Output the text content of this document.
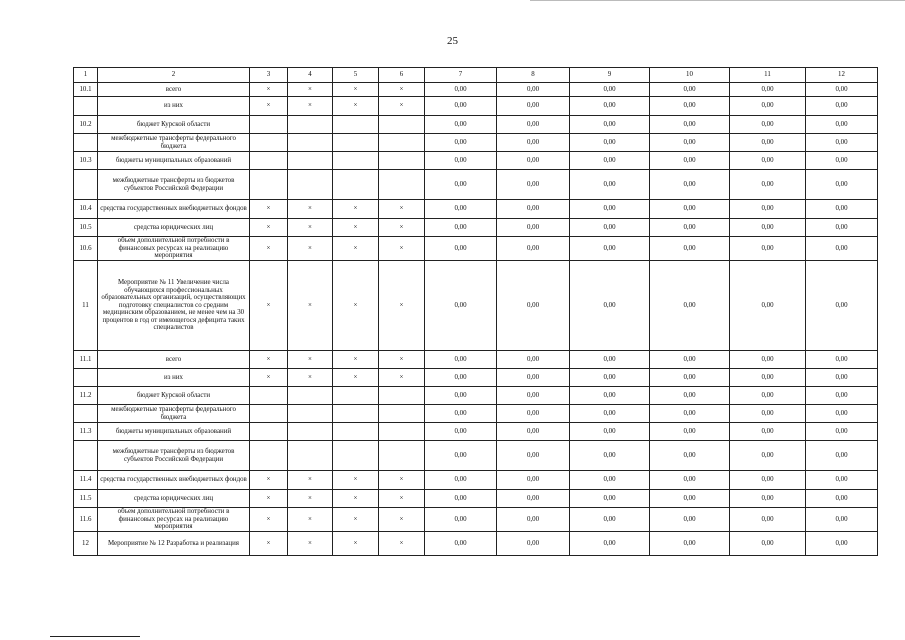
25
1	2	3	4	5	6	7	8	9	10	11	12
10.1	всего	×	×	×	×	0,00	0,00	0,00	0,00	0,00	0,00
	из них	×	×	×	×	0,00	0,00	0,00	0,00	0,00	0,00
10.2	бюджет Курской области					0,00	0,00	0,00	0,00	0,00	0,00
	межбюджетные трансферты федерального бюджета					0,00	0,00	0,00	0,00	0,00	0,00
10.3	бюджеты муниципальных образований					0,00	0,00	0,00	0,00	0,00	0,00
	межбюджетные трансферты из бюджетов субъектов Российской Федерации					0,00	0,00	0,00	0,00	0,00	0,00
10.4	средства государственных внебюджетных фондов	×	×	×	×	0,00	0,00	0,00	0,00	0,00	0,00
10.5	средства юридических лиц	×	×	×	×	0,00	0,00	0,00	0,00	0,00	0,00
10.6	объем дополнительной потребности в финансовых ресурсах на реализацию мероприятия	×	×	×	×	0,00	0,00	0,00	0,00	0,00	0,00
11	Мероприятие № 11 Увеличение числа обучающихся профессиональных образовательных организаций, осуществляющих подготовку специалистов со средним медицинским образованием, не менее чем на 30 процентов в год от имеющегося дефицита таких специалистов	×	×	×	×	0,00	0,00	0,00	0,00	0,00	0,00
11.1	всего	×	×	×	×	0,00	0,00	0,00	0,00	0,00	0,00
	из них	×	×	×	×	0,00	0,00	0,00	0,00	0,00	0,00
11.2	бюджет Курской области					0,00	0,00	0,00	0,00	0,00	0,00
	межбюджетные трансферты федерального бюджета					0,00	0,00	0,00	0,00	0,00	0,00
11.3	бюджеты муниципальных образований					0,00	0,00	0,00	0,00	0,00	0,00
	межбюджетные трансферты из бюджетов субъектов Российской Федерации					0,00	0,00	0,00	0,00	0,00	0,00
11.4	средства государственных внебюджетных фондов	×	×	×	×	0,00	0,00	0,00	0,00	0,00	0,00
11.5	средства юридических лиц	×	×	×	×	0,00	0,00	0,00	0,00	0,00	0,00
11.6	объем дополнительной потребности в финансовых ресурсах на реализацию мероприятия	×	×	×	×	0,00	0,00	0,00	0,00	0,00	0,00
12	Мероприятие № 12 Разработка и реализация	×	×	×	×	0,00	0,00	0,00	0,00	0,00	0,00
